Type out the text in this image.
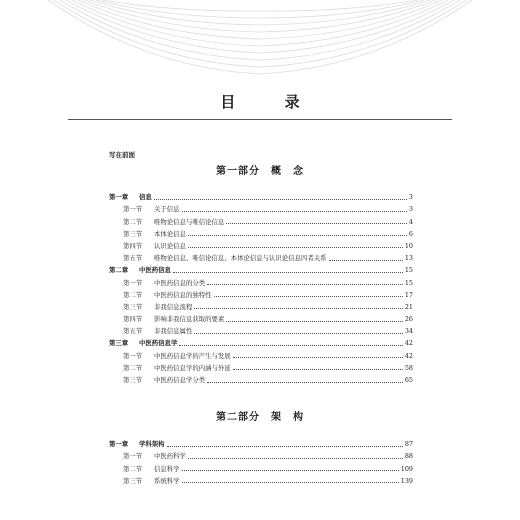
目 录
写在前面
第一部分　概　念
第一章	信息	3
第一节	关于信息	3
第二节	唯物论信息与唯信论信息	4
第三节	本体论信息	6
第四节	认识论信息	10
第五节	唯物论信息、唯信论信息、本体论信息与认识论信息四者关系	13
第二章	中医药信息	15
第一节	中医药信息的分类	15
第二节	中医药信息的独特性	17
第三节	非我信息流程	21
第四节	影响非我信息获取的要素	26
第五节	非我信息属性	34
第三章	中医药信息学	42
第一节	中医药信息学的产生与发展	42
第二节	中医药信息学的内涵与外延	58
第三节	中医药信息学分类	65
第二部分　架　构
第一章	学科架构	87
第一节	中医药科学	88
第二节	信息科学	109
第三节	系统科学	139
